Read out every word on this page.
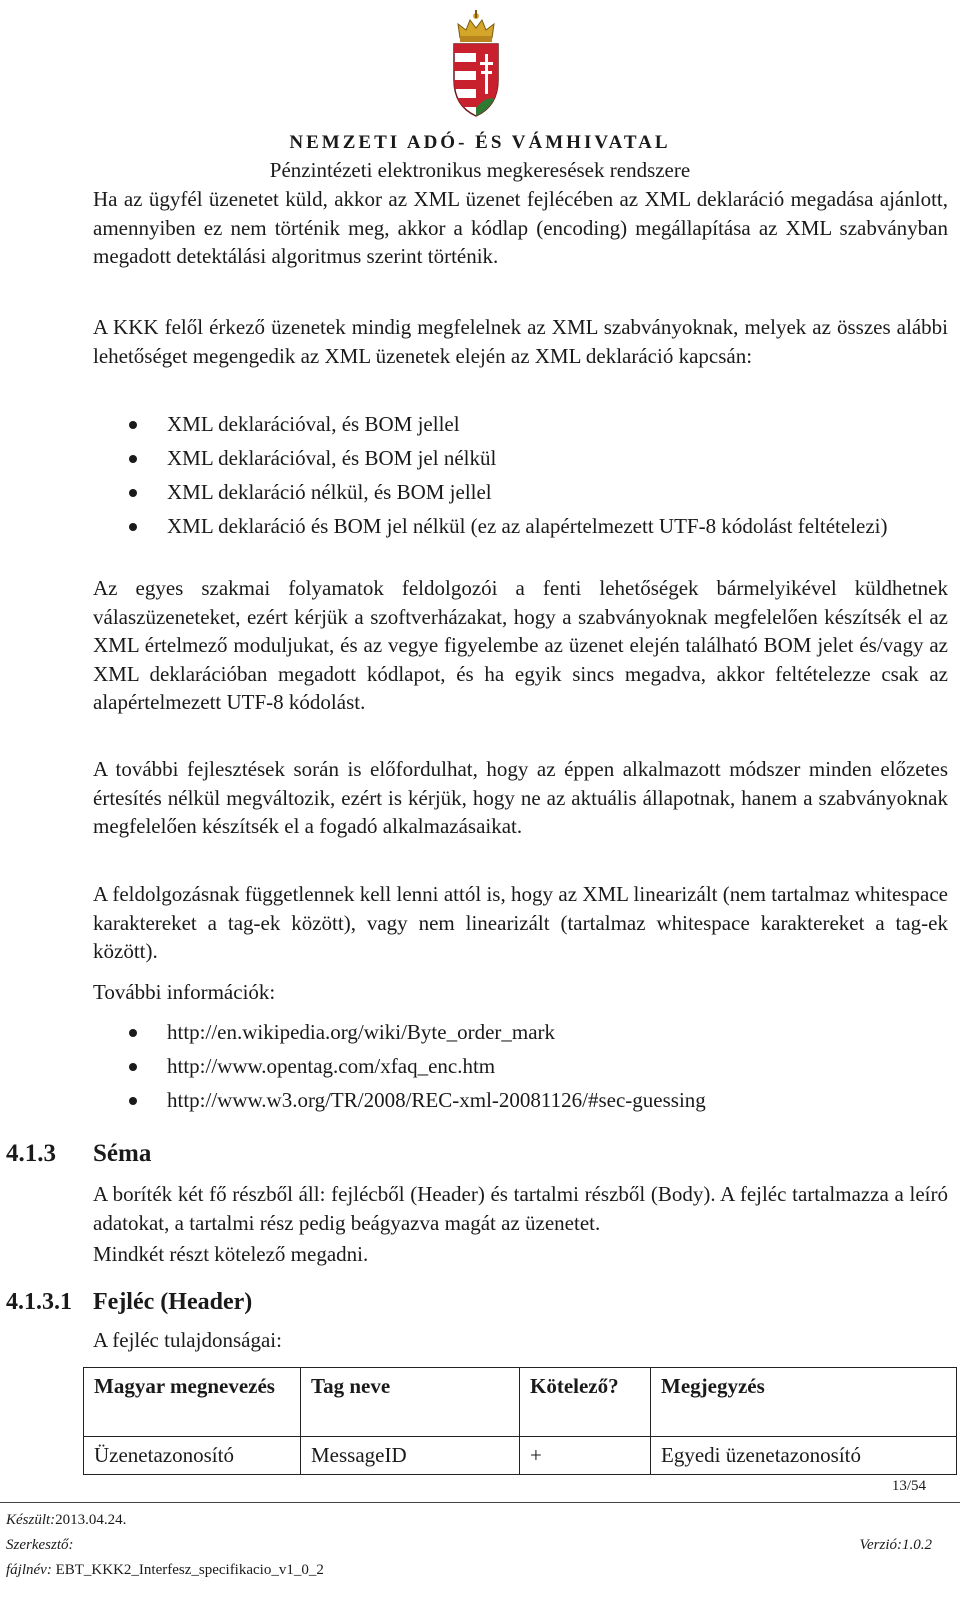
NEMZETI ADÓ- ÉS VÁMHIVATAL
Pénzintézeti elektronikus megkeresések rendszere

Ha az ügyfél üzenetet küld, akkor az XML üzenet fejlécében az XML deklaráció megadása ajánlott, amennyiben ez nem történik meg, akkor a kódlap (encoding) megállapítása az XML szabványban megadott detektálási algoritmus szerint történik.

A KKK felől érkező üzenetek mindig megfelelnek az XML szabványoknak, melyek az összes alábbi lehetőséget megengedik az XML üzenetek elején az XML deklaráció kapcsán:

XML deklarációval, és BOM jellel
XML deklarációval, és BOM jel nélkül
XML deklaráció nélkül, és BOM jellel
XML deklaráció és BOM jel nélkül (ez az alapértelmezett UTF-8 kódolást feltételezi)

Az egyes szakmai folyamatok feldolgozói a fenti lehetőségek bármelyikével küldhetnek válaszüzeneteket, ezért kérjük a szoftverházakat, hogy a szabványoknak megfelelően készítsék el az XML értelmező moduljukat, és az vegye figyelembe az üzenet elején található BOM jelet és/vagy az XML deklarációban megadott kódlapot, és ha egyik sincs megadva, akkor feltételezze csak az alapértelmezett UTF-8 kódolást.

A további fejlesztések során is előfordulhat, hogy az éppen alkalmazott módszer minden előzetes értesítés nélkül megváltozik, ezért is kérjük, hogy ne az aktuális állapotnak, hanem a szabványoknak megfelelően készítsék el a fogadó alkalmazásaikat.

A feldolgozásnak függetlennek kell lenni attól is, hogy az XML linearizált (nem tartalmaz whitespace karaktereket a tag-ek között), vagy nem linearizált (tartalmaz whitespace karaktereket a tag-ek között).

További információk:

http://en.wikipedia.org/wiki/Byte_order_mark
http://www.opentag.com/xfaq_enc.htm
http://www.w3.org/TR/2008/REC-xml-20081126/#sec-guessing
4.1.3 Séma

A boríték két fő részből áll: fejlécből (Header) és tartalmi részből (Body). A fejléc tartalmazza a leíró adatokat, a tartalmi rész pedig beágyazva magát az üzenetet.

Mindkét részt kötelező megadni.

4.1.3.1 Fejléc (Header)

A fejléc tulajdonságai:

Magyar megnevezés	Tag neve	Kötelező?	Megjegyzés
Üzenetazonosító	MessageID	+	Egyedi üzenetazonosító
13/54
Készült:2013.04.24.
Szerkesztő:	Verzió:1.0.2
fájlnév: EBT_KKK2_Interfesz_specifikacio_v1_0_2
